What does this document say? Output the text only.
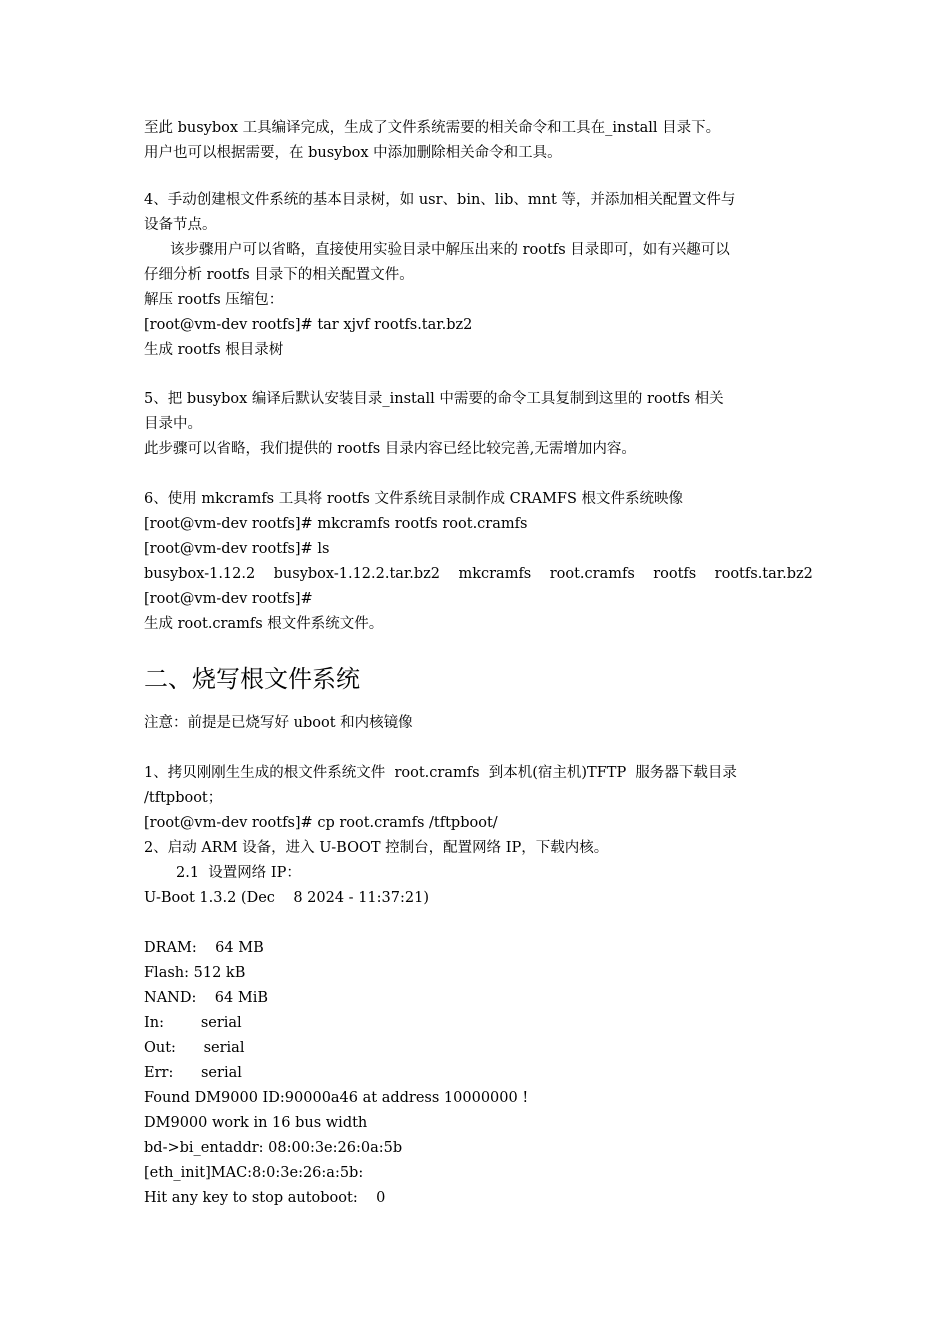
至此 busybox 工具编译完成，生成了文件系统需要的相关命令和工具在_install 目录下。
用户也可以根据需要，在 busybox 中添加删除相关命令和工具。
4、手动创建根文件系统的基本目录树，如 usr、bin、lib、mnt 等，并添加相关配置文件与
设备节点。
该步骤用户可以省略，直接使用实验目录中解压出来的 rootfs 目录即可，如有兴趣可以
仔细分析 rootfs 目录下的相关配置文件。
解压 rootfs 压缩包：
[root@vm-dev rootfs]# tar xjvf rootfs.tar.bz2
生成 rootfs 根目录树
5、把 busybox 编译后默认安装目录_install 中需要的命令工具复制到这里的 rootfs 相关
目录中。
此步骤可以省略，我们提供的 rootfs 目录内容已经比较完善,无需增加内容。
6、使用 mkcramfs 工具将 rootfs 文件系统目录制作成 CRAMFS 根文件系统映像
[root@vm-dev rootfs]# mkcramfs rootfs root.cramfs
[root@vm-dev rootfs]# ls
busybox-1.12.2    busybox-1.12.2.tar.bz2    mkcramfs    root.cramfs    rootfs    rootfs.tar.bz2
[root@vm-dev rootfs]#
生成 root.cramfs 根文件系统文件。
二、烧写根文件系统
注意：前提是已烧写好 uboot 和内核镜像
1、拷贝刚刚生生成的根文件系统文件  root.cramfs  到本机(宿主机)TFTP  服务器下载目录
/tftpboot；
[root@vm-dev rootfs]# cp root.cramfs /tftpboot/
2、启动 ARM 设备，进入 U-BOOT 控制台，配置网络 IP，下载内核。
2.1  设置网络 IP：
U-Boot 1.3.2 (Dec    8 2024 - 11:37:21)
DRAM:    64 MB
Flash: 512 kB
NAND:    64 MiB
In:        serial
Out:      serial
Err:      serial
Found DM9000 ID:90000a46 at address 10000000 !
DM9000 work in 16 bus width
bd->bi_entaddr: 08:00:3e:26:0a:5b
[eth_init]MAC:8:0:3e:26:a:5b:
Hit any key to stop autoboot:    0
